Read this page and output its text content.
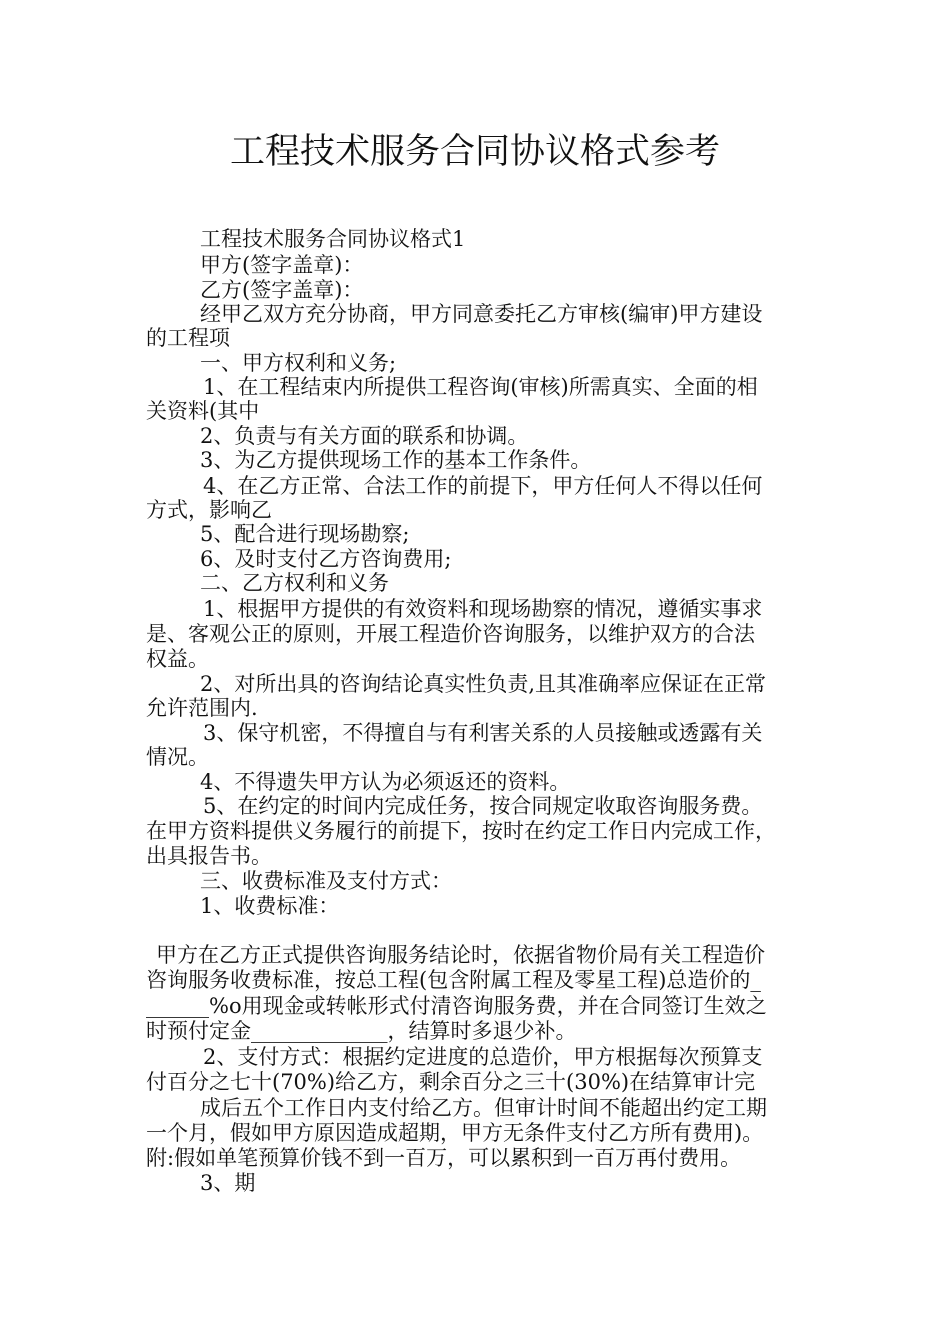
工程技术服务合同协议格式参考
工程技术服务合同协议格式1
甲方(签字盖章)：
乙方(签字盖章)：
经甲乙双方充分协商，甲方同意委托乙方审核(编审)甲方建设
的工程项
一、甲方权利和义务;
1、在工程结束内所提供工程咨询(审核)所需真实、全面的相
关资料(其中
2、负责与有关方面的联系和协调。
3、为乙方提供现场工作的基本工作条件。
4、在乙方正常、合法工作的前提下，甲方任何人不得以任何
方式，影响乙
5、配合进行现场勘察;
6、及时支付乙方咨询费用;
二、乙方权利和义务
1、根据甲方提供的有效资料和现场勘察的情况，遵循实事求
是、客观公正的原则，开展工程造价咨询服务，以维护双方的合法
权益。
2、对所出具的咨询结论真实性负责,且其准确率应保证在正常
允许范围内.
3、保守机密，不得擅自与有利害关系的人员接触或透露有关
情况。
4、不得遗失甲方认为必须返还的资料。
5、在约定的时间内完成任务，按合同规定收取咨询服务费。
在甲方资料提供义务履行的前提下，按时在约定工作日内完成工作，
出具报告书。
三、收费标准及支付方式：
1、收费标准：
甲方在乙方正式提供咨询服务结论时，依据省物价局有关工程造价
咨询服务收费标准，按总工程(包含附属工程及零星工程)总造价的_
______%o用现金或转帐形式付清咨询服务费，并在合同签订生效之
时预付定金_____________，结算时多退少补。
2、支付方式：根据约定进度的总造价，甲方根据每次预算支
付百分之七十(70%)给乙方，剩余百分之三十(30%)在结算审计完
成后五个工作日内支付给乙方。但审计时间不能超出约定工期
一个月，假如甲方原因造成超期，甲方无条件支付乙方所有费用)。
附:假如单笔预算价钱不到一百万，可以累积到一百万再付费用。
3、期
